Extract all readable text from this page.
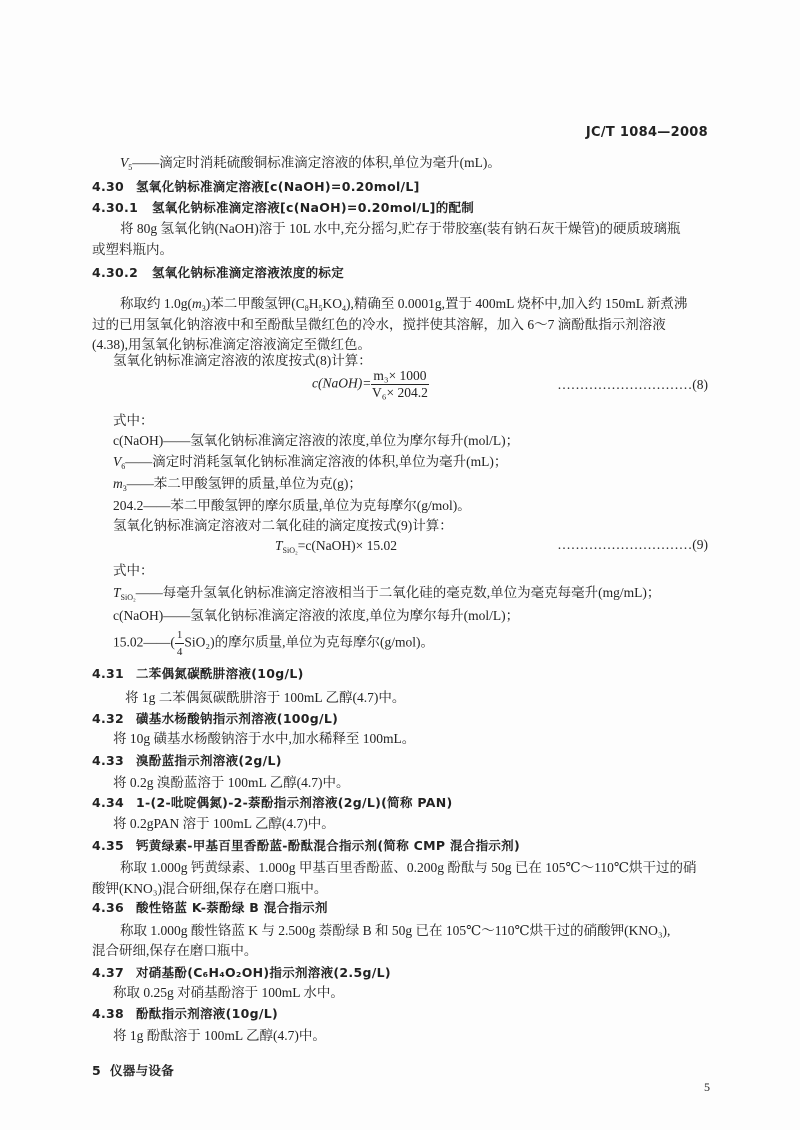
JC/T 1084—2008
$V_5——$滴定时消耗硫酸铜标准滴定溶液的体积,单位为毫升(mL)。
4.30 氢氧化钠标准滴定溶液[c(NaOH)=0.20mol/L]
4.30.1 氢氧化钠标准滴定溶液[c(NaOH)=0.20mol/L]的配制
将 80g 氢氧化钠(NaOH)溶于 10L 水中,充分摇匀,贮存于带胶塞(装有钠石灰干燥管)的硬质玻璃瓶
或塑料瓶内。
4.30.2 氢氧化钠标准滴定溶液浓度的标定
称取约 $1.0g(m_3)$苯二甲酸氢钾$(C_8H_5KO_4)$,精确至 0.0001g,置于 400mL 烧杯中,加入约 150mL 新煮沸
过的已用氢氧化钠溶液中和至酚酞呈微红色的冷水，搅拌使其溶解，加入 6～7 滴酚酞指示剂溶液
(4.38),用氢氧化钠标准滴定溶液滴定至微红色。
氢氧化钠标准滴定溶液的浓度按式(8)计算：
c(NaOH)= $\frac{\text{m₃× 1000}}{\text{V₆× 204.2}}$	…………………………(8)
式中：
c(NaOH)——氢氧化钠标准滴定溶液的浓度,单位为摩尔每升(mol/L)；
$V_6——$滴定时消耗氢氧化钠标准滴定溶液的体积,单位为毫升(mL)；
$m_3——$苯二甲酸氢钾的质量,单位为克(g)；
204.2——苯二甲酸氢钾的摩尔质量,单位为克每摩尔(g/mol)。
氢氧化钠标准滴定溶液对二氧化硅的滴定度按式(9)计算：
$T_{SiO_2}=c(NaOH)\times 15.02$	…………………………(9)
式中：
$T_{SiO_2}——$每毫升氢氧化钠标准滴定溶液相当于二氧化硅的毫克数,单位为毫克每毫升(mg/mL)；
c(NaOH)——氢氧化钠标准滴定溶液的浓度,单位为摩尔每升(mol/L)；
15.02——( $\frac{1}{4} SiO_2$)的摩尔质量,单位为克每摩尔(g/mol)。
4.31 二苯偶氮碳酰肼溶液(10g/L)
将 1g 二苯偶氮碳酰肼溶于 100mL 乙醇(4.7)中。
4.32 磺基水杨酸钠指示剂溶液(100g/L)
将 10g 磺基水杨酸钠溶于水中,加水稀释至 100mL。
4.33 溴酚蓝指示剂溶液(2g/L)
将 0.2g 溴酚蓝溶于 100mL 乙醇(4.7)中。
4.34 1-(2-吡啶偶氮)-2-萘酚指示剂溶液(2g/L)(简称 PAN)
将 0.2gPAN 溶于 100mL 乙醇(4.7)中。
4.35 钙黄绿素-甲基百里香酚蓝-酚酞混合指示剂(简称 CMP 混合指示剂)
称取 1.000g 钙黄绿素、1.000g 甲基百里香酚蓝、0.200g 酚酞与 50g 已在 105℃～110℃烘干过的硝
酸钾(KNO₃)混合研细,保存在磨口瓶中。
4.36 酸性铬蓝 K-萘酚绿 B 混合指示剂
称取 1.000g 酸性铬蓝 K 与 2.500g 萘酚绿 B 和 50g 已在 105℃～110℃烘干过的硝酸钾(KNO₃),
混合研细,保存在磨口瓶中。
4.37 对硝基酚(C₆H₄O₂OH)指示剂溶液(2.5g/L)
称取 0.25g 对硝基酚溶于 100mL 水中。
4.38 酚酞指示剂溶液(10g/L)
将 1g 酚酞溶于 100mL 乙醇(4.7)中。
5 仪器与设备
5
